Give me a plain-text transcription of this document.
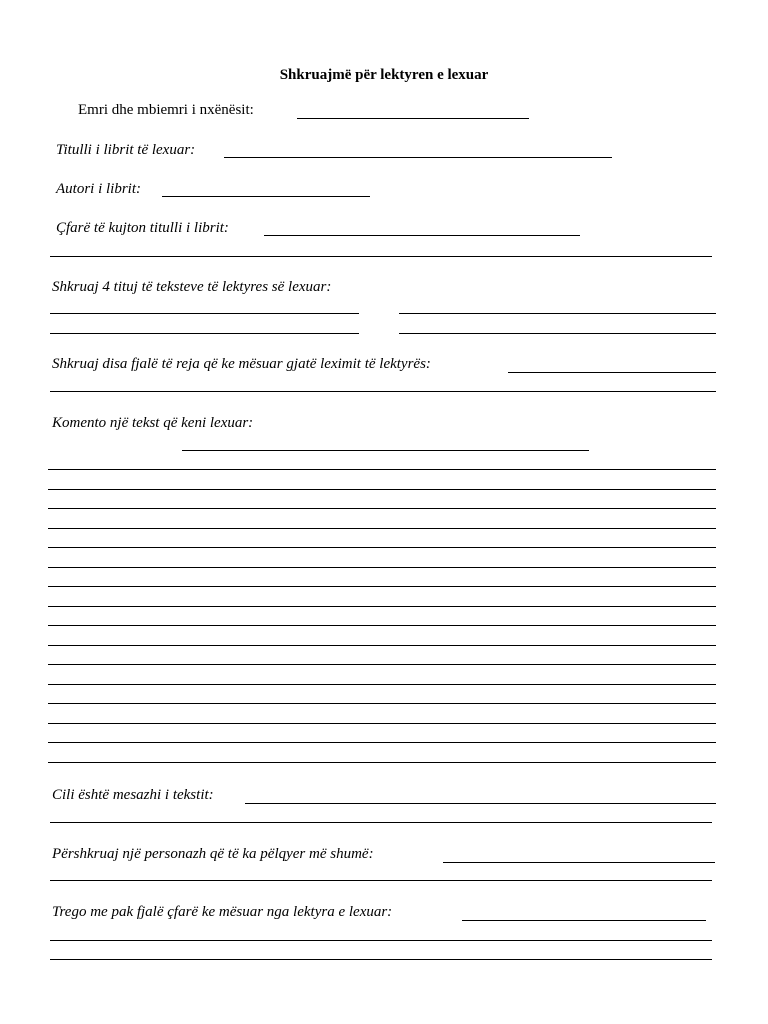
Shkruajmë për lektyren e lexuar
Emri dhe mbiemri i nxënësit:
Titulli i librit të lexuar:
Autori i librit:
Çfarë të kujton titulli i librit:
Shkruaj 4 tituj të teksteve të lektyres së lexuar:
Shkruaj disa fjalë të reja që ke mësuar gjatë leximit të lektyrës:
Komento një tekst që keni lexuar:
Cili është mesazhi i tekstit:
Përshkruaj një personazh që të ka pëlqyer më shumë:
Trego me pak fjalë çfarë ke mësuar nga lektyra e lexuar:
